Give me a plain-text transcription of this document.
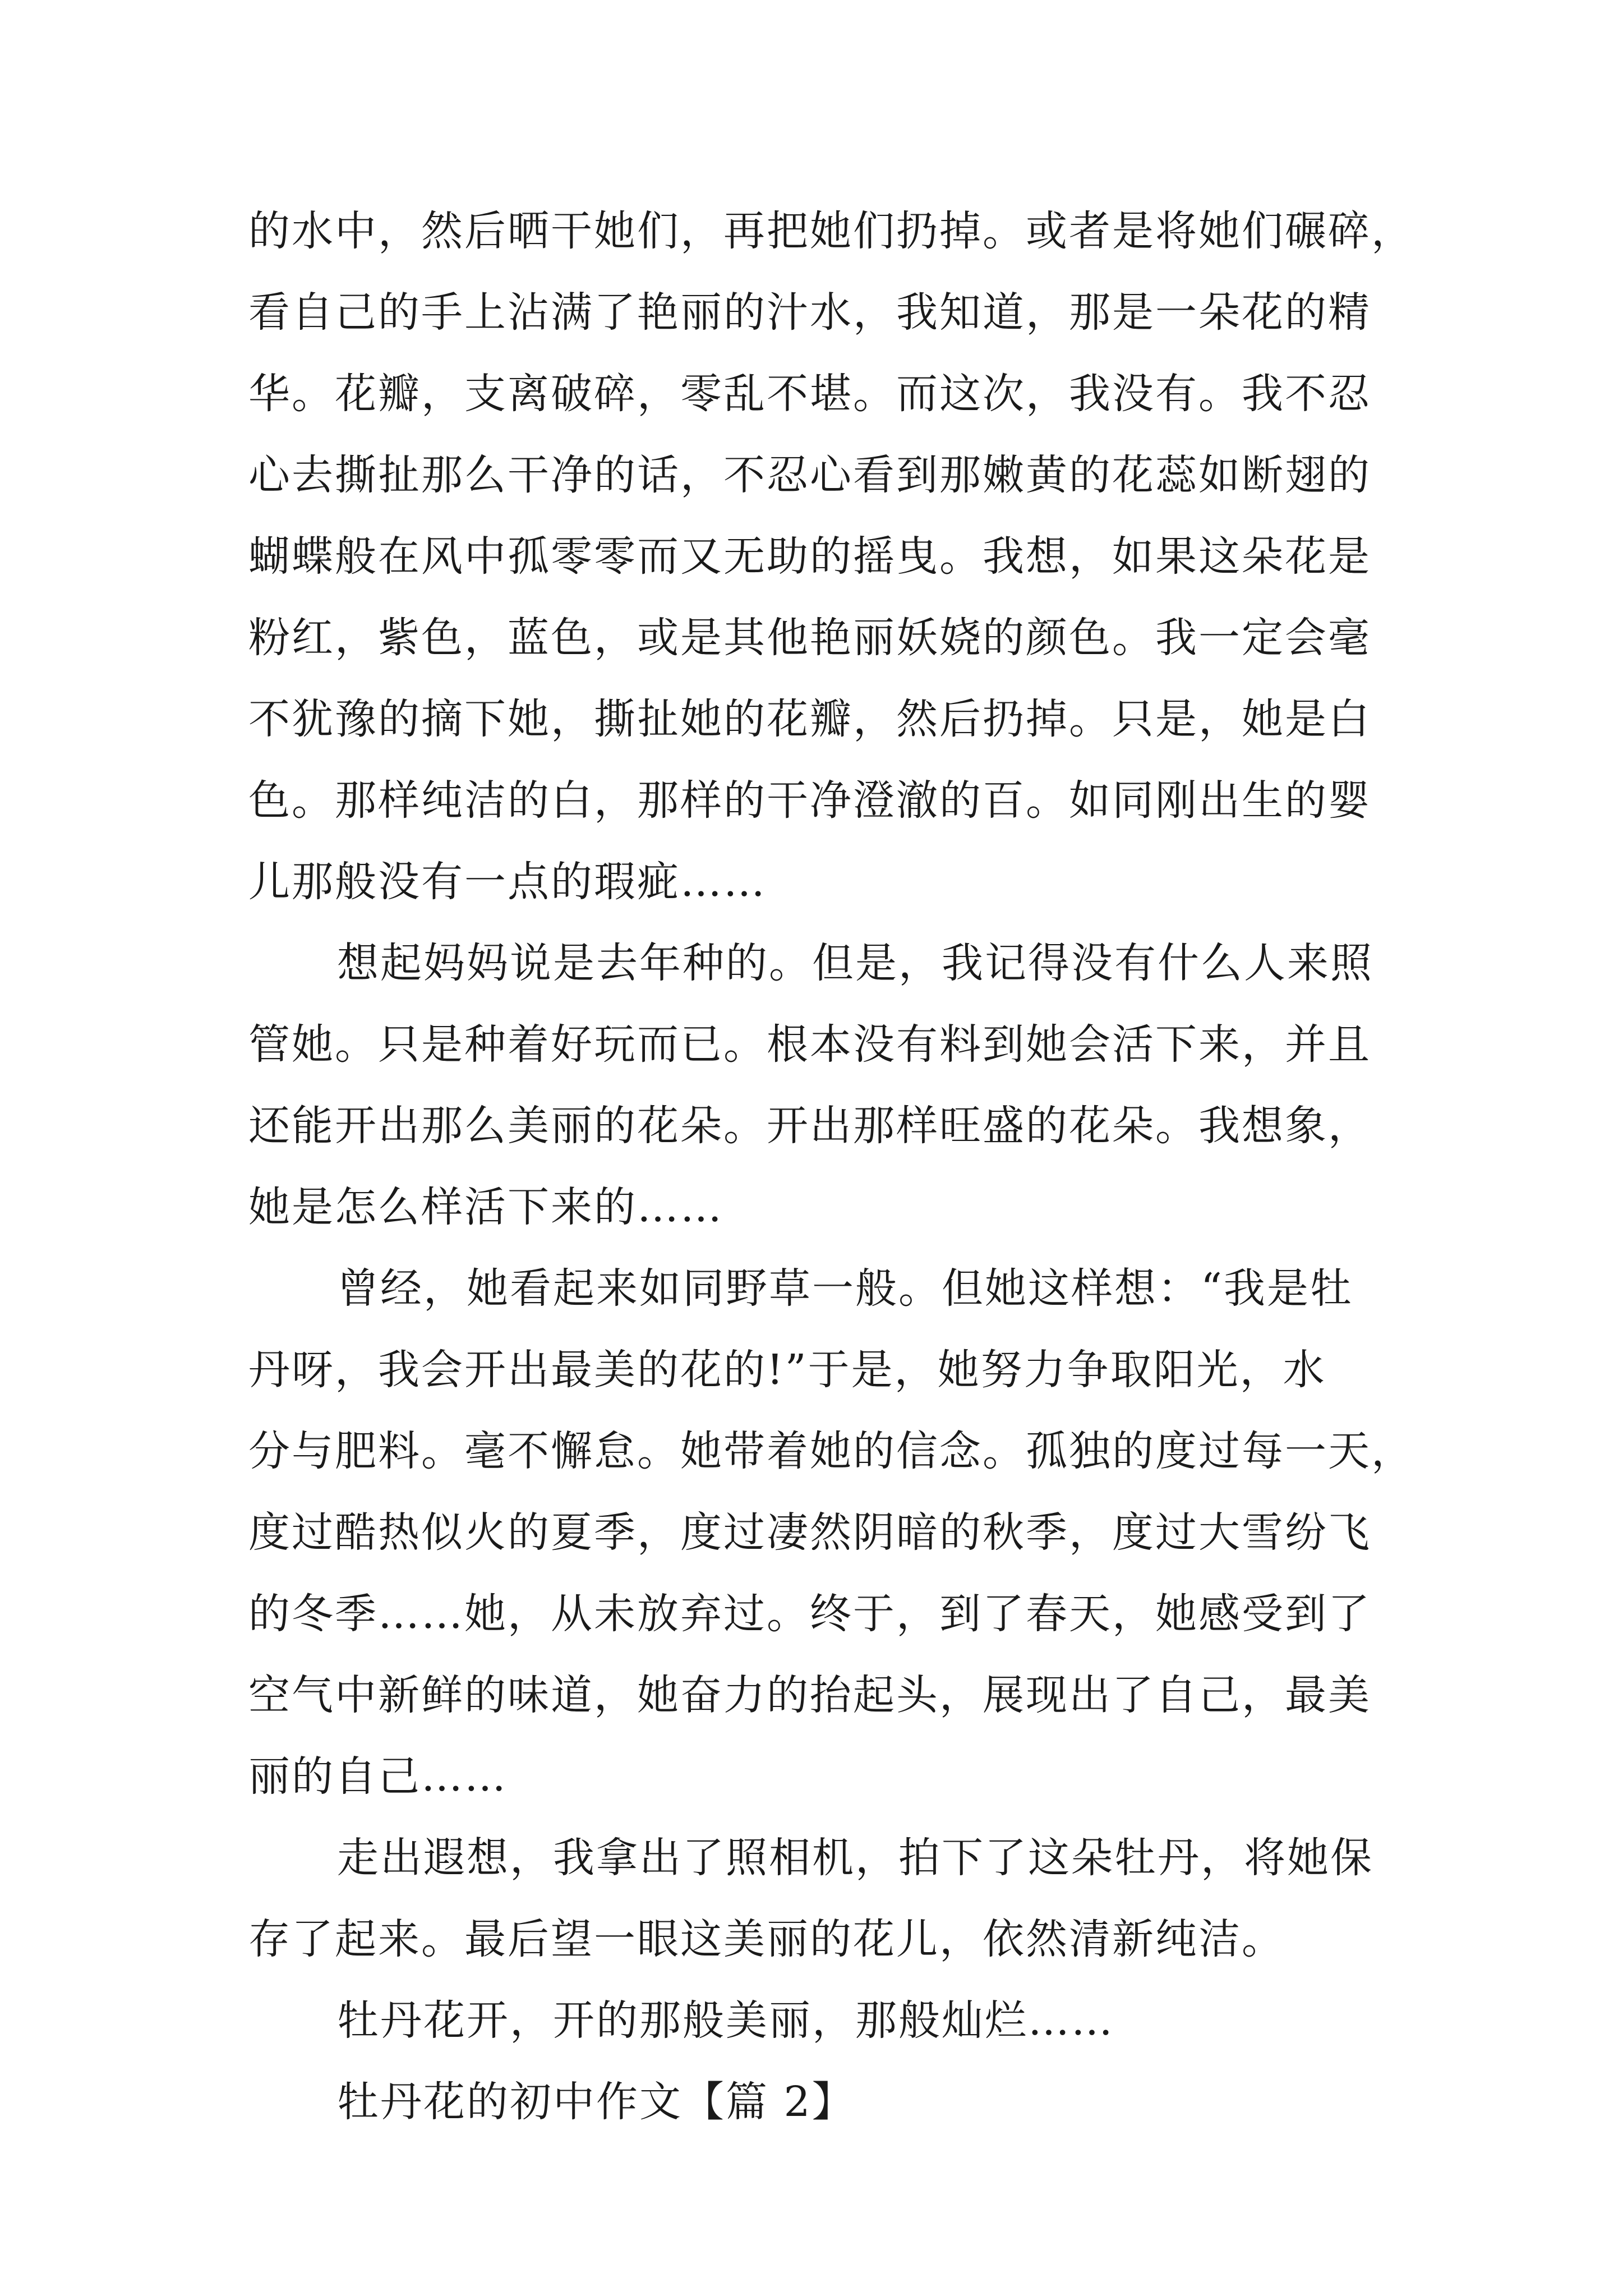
的水中，然后晒干她们，再把她们扔掉。或者是将她们碾碎，
看自己的手上沾满了艳丽的汁水，我知道，那是一朵花的精
华。花瓣，支离破碎，零乱不堪。而这次，我没有。我不忍
心去撕扯那么干净的话，不忍心看到那嫩黄的花蕊如断翅的
蝴蝶般在风中孤零零而又无助的摇曳。我想，如果这朵花是
粉红，紫色，蓝色，或是其他艳丽妖娆的颜色。我一定会毫
不犹豫的摘下她，撕扯她的花瓣，然后扔掉。只是，她是白
色。那样纯洁的白，那样的干净澄澈的百。如同刚出生的婴
儿那般没有一点的瑕疵……
想起妈妈说是去年种的。但是，我记得没有什么人来照
管她。只是种着好玩而已。根本没有料到她会活下来，并且
还能开出那么美丽的花朵。开出那样旺盛的花朵。我想象，
她是怎么样活下来的……
曾经，她看起来如同野草一般。但她这样想：“我是牡
丹呀，我会开出最美的花的!”于是，她努力争取阳光，水
分与肥料。毫不懈怠。她带着她的信念。孤独的度过每一天，
度过酷热似火的夏季，度过凄然阴暗的秋季，度过大雪纷飞
的冬季……她，从未放弃过。终于，到了春天，她感受到了
空气中新鲜的味道，她奋力的抬起头，展现出了自己，最美
丽的自己……
走出遐想，我拿出了照相机，拍下了这朵牡丹，将她保
存了起来。最后望一眼这美丽的花儿，依然清新纯洁。
牡丹花开，开的那般美丽，那般灿烂……
牡丹花的初中作文【篇 2】
